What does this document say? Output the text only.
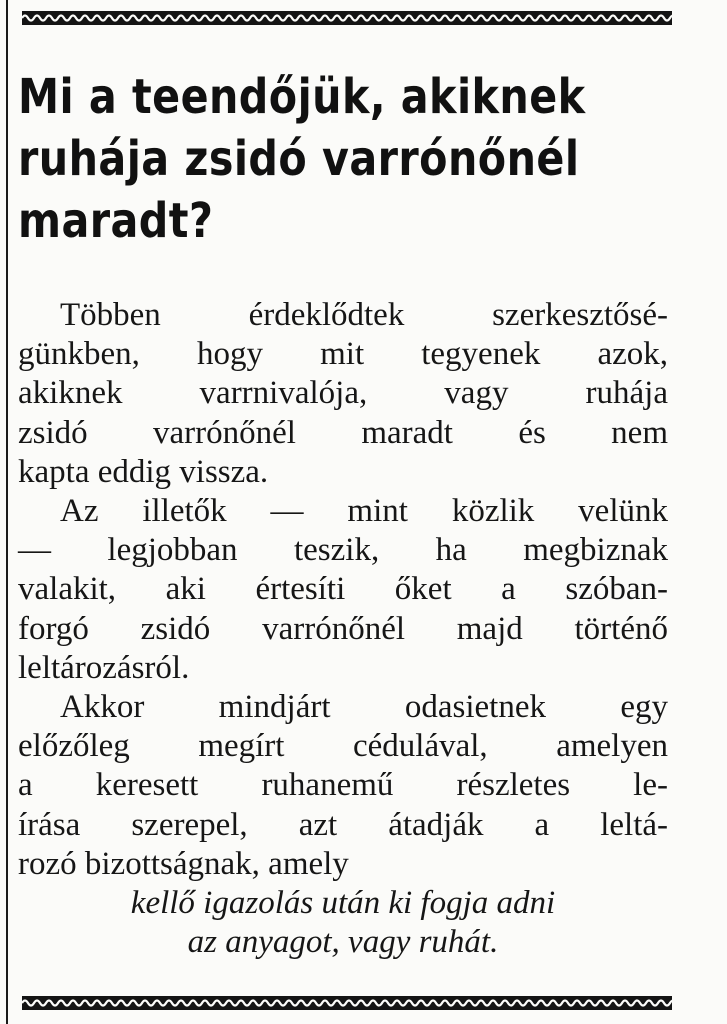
Mi a teendőjük, akiknek
ruhája zsidó varrónőnél
maradt?
Többen érdeklődtek szerkesztősé-
günkben, hogy mit tegyenek azok,
akiknek varrnivalója, vagy ruhája
zsidó varrónőnél maradt és nem
kapta eddig vissza.
Az illetők — mint közlik velünk
— legjobban teszik, ha megbiznak
valakit, aki értesíti őket a szóban-
forgó zsidó varrónőnél majd történő
leltározásról.
Akkor mindjárt odasietnek egy
előzőleg megírt cédulával, amelyen
a keresett ruhanemű részletes le-
írása szerepel, azt átadják a leltá-
rozó bizottságnak, amely
kellő igazolás után ki fogja adni
az anyagot, vagy ruhát.
